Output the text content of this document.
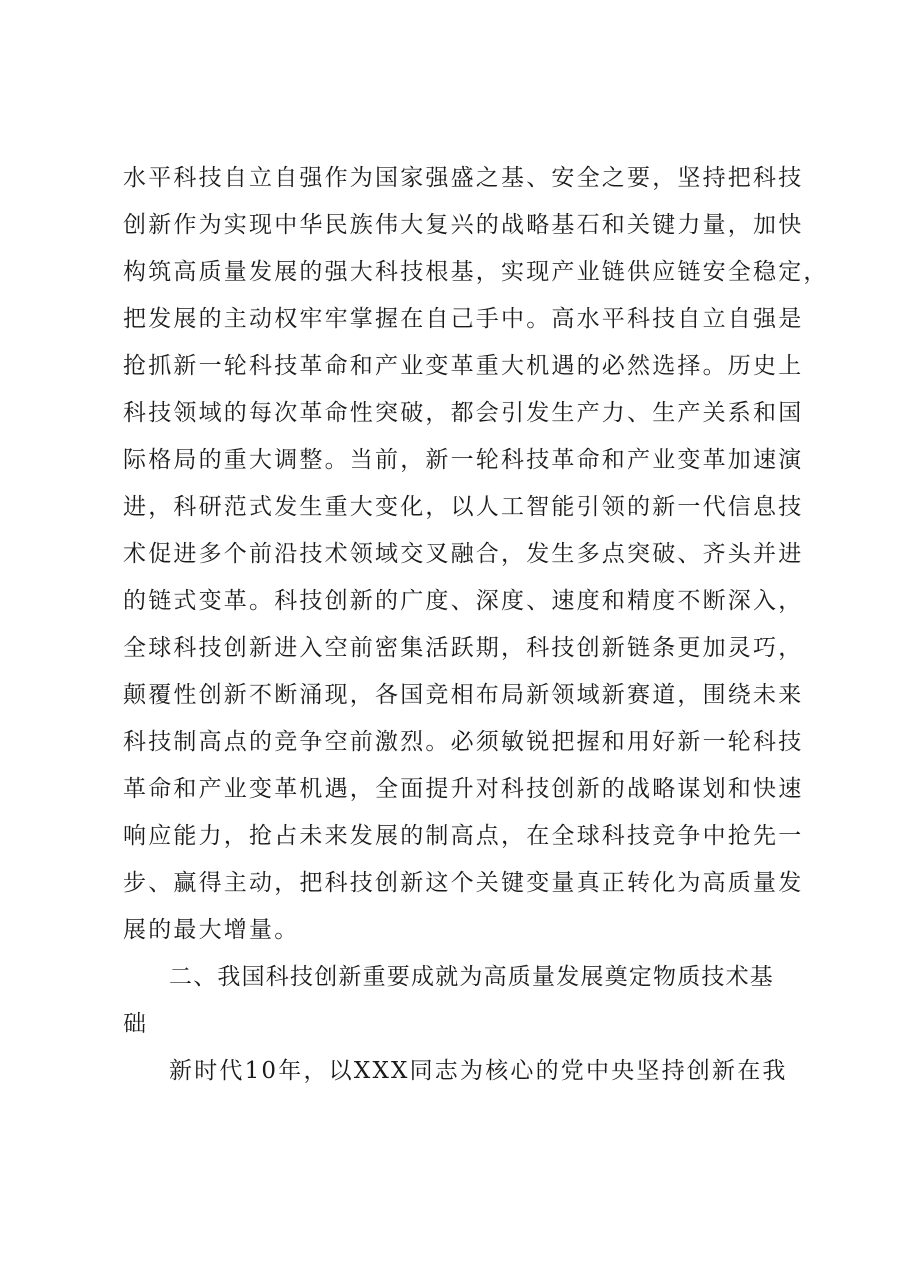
水平科技自立自强作为国家强盛之基、安全之要，坚持把科技
创新作为实现中华民族伟大复兴的战略基石和关键力量，加快
构筑高质量发展的强大科技根基，实现产业链供应链安全稳定，
把发展的主动权牢牢掌握在自己手中。高水平科技自立自强是
抢抓新一轮科技革命和产业变革重大机遇的必然选择。历史上
科技领域的每次革命性突破，都会引发生产力、生产关系和国
际格局的重大调整。当前，新一轮科技革命和产业变革加速演
进，科研范式发生重大变化，以人工智能引领的新一代信息技
术促进多个前沿技术领域交叉融合，发生多点突破、齐头并进
的链式变革。科技创新的广度、深度、速度和精度不断深入，
全球科技创新进入空前密集活跃期，科技创新链条更加灵巧，
颠覆性创新不断涌现，各国竞相布局新领域新赛道，围绕未来
科技制高点的竞争空前激烈。必须敏锐把握和用好新一轮科技
革命和产业变革机遇，全面提升对科技创新的战略谋划和快速
响应能力，抢占未来发展的制高点，在全球科技竞争中抢先一
步、赢得主动，把科技创新这个关键变量真正转化为高质量发
展的最大增量。
二、我国科技创新重要成就为高质量发展奠定物质技术基
础
新时代10年，以XXX同志为核心的党中央坚持创新在我
